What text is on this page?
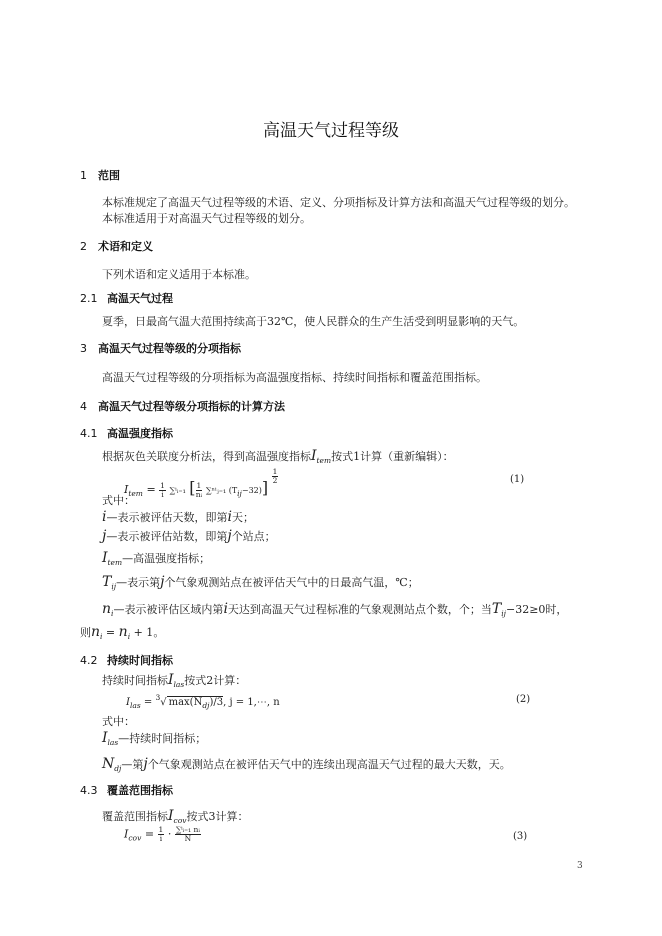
高温天气过程等级
1 范围
本标准规定了高温天气过程等级的术语、定义、分项指标及计算方法和高温天气过程等级的划分。
本标准适用于对高温天气过程等级的划分。
2 术语和定义
下列术语和定义适用于本标准。
2.1 高温天气过程
夏季，日最高气温大范围持续高于32℃，使人民群众的生产生活受到明显影响的天气。
3 高温天气过程等级的分项指标
高温天气过程等级的分项指标为高温强度指标、持续时间指标和覆盖范围指标。
4 高温天气过程等级分项指标的计算方法
4.1 高温强度指标
根据灰色关联度分析法，得到高温强度指标$I_{tem}$按式1计算（重新编辑）：
$I_{tem} = \frac{1}{i}$ ∑ⁱᵢ₌₁ [ $\frac{1}{\text{nᵢ}}$ ∑ⁿⁱⱼ₌₁ $(T_{ij}-32)$]
$\frac{1}{2}$	(1)
式中：
i—表示被评估天数，即第i天；
j—表示被评估站数，即第j个站点；
$I_{tem}—$高温强度指标；
$T_{ij}—$表示第j个气象观测站点在被评估天气中的日最高气温，℃；
$n_i—$表示被评估区域内第i天达到高温天气过程标准的气象观测站点个数，个；当$T_{ij}-32\ge 0$时，
则$n_i = n_i + 1$。
4.2 持续时间指标
持续时间指标$I_{las}$按式2计算：
$I_{las} = ^3√$ $\max(N_{dj})/3$, j = 1,⋯, n	(2)
式中：
$I_{las}—$持续时间指标；
$N_{dj}—$第j个气象观测站点在被评估天气中的连续出现高温天气过程的最大天数，天。
4.3 覆盖范围指标
覆盖范围指标$I_{cov}$按式3计算：
$I_{cov} = \frac{1}{i} \cdot \frac{\text{∑ⁱᵢ₌₁ nᵢ}}{N}$	(3)
3
